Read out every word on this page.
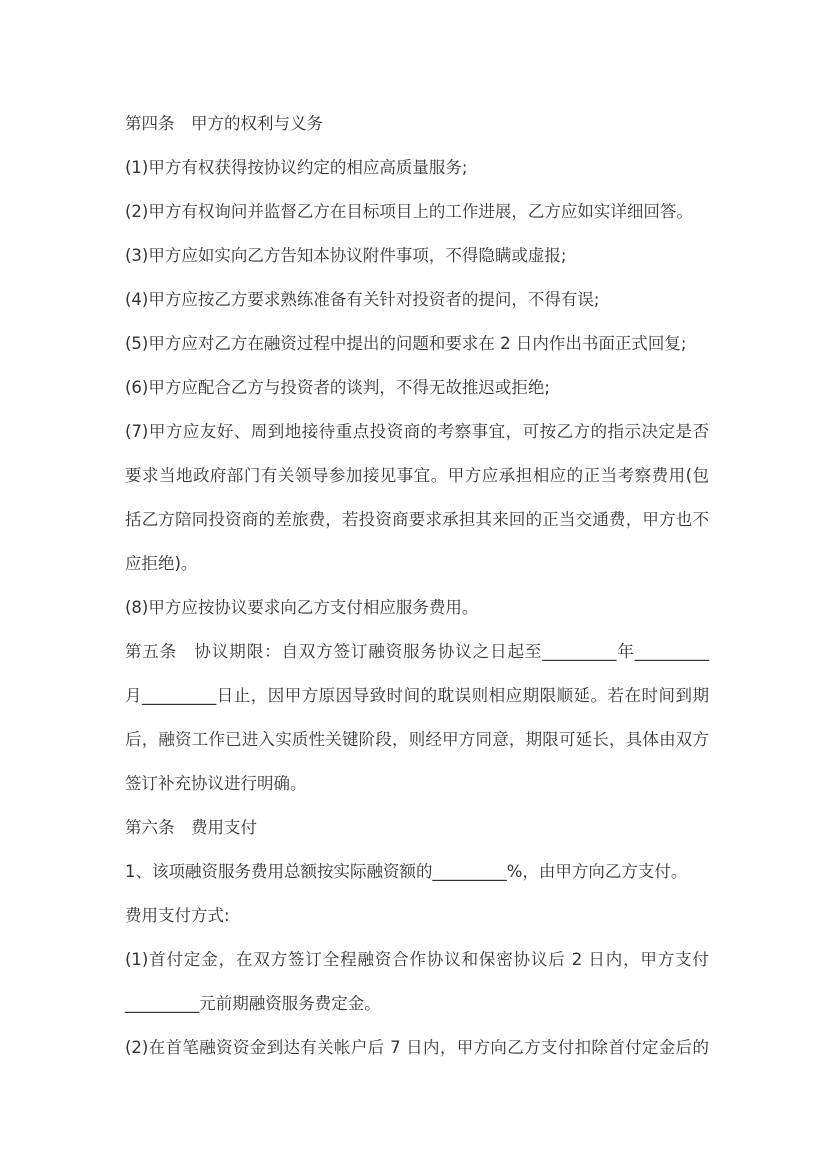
第四条　甲方的权利与义务
(1)甲方有权获得按协议约定的相应高质量服务;
(2)甲方有权询问并监督乙方在目标项目上的工作进展，乙方应如实详细回答。
(3)甲方应如实向乙方告知本协议附件事项，不得隐瞒或虚报;
(4)甲方应按乙方要求熟练准备有关针对投资者的提问，不得有误;
(5)甲方应对乙方在融资过程中提出的问题和要求在 2 日内作出书面正式回复;
(6)甲方应配合乙方与投资者的谈判，不得无故推迟或拒绝;
(7)甲方应友好、周到地接待重点投资商的考察事宜，可按乙方的指示决定是否
要求当地政府部门有关领导参加接见事宜。甲方应承担相应的正当考察费用(包
括乙方陪同投资商的差旅费，若投资商要求承担其来回的正当交通费，甲方也不
应拒绝)。
(8)甲方应按协议要求向乙方支付相应服务费用。
第五条　协议期限：自双方签订融资服务协议之日起至_________年_________
月_________日止，因甲方原因导致时间的耽误则相应期限顺延。若在时间到期
后，融资工作已进入实质性关键阶段，则经甲方同意，期限可延长，具体由双方
签订补充协议进行明确。
第六条　费用支付
1、该项融资服务费用总额按实际融资额的_________%，由甲方向乙方支付。
费用支付方式:
(1)首付定金，在双方签订全程融资合作协议和保密协议后 2 日内，甲方支付
_________元前期融资服务费定金。
(2)在首笔融资资金到达有关帐户后 7 日内，甲方向乙方支付扣除首付定金后的
